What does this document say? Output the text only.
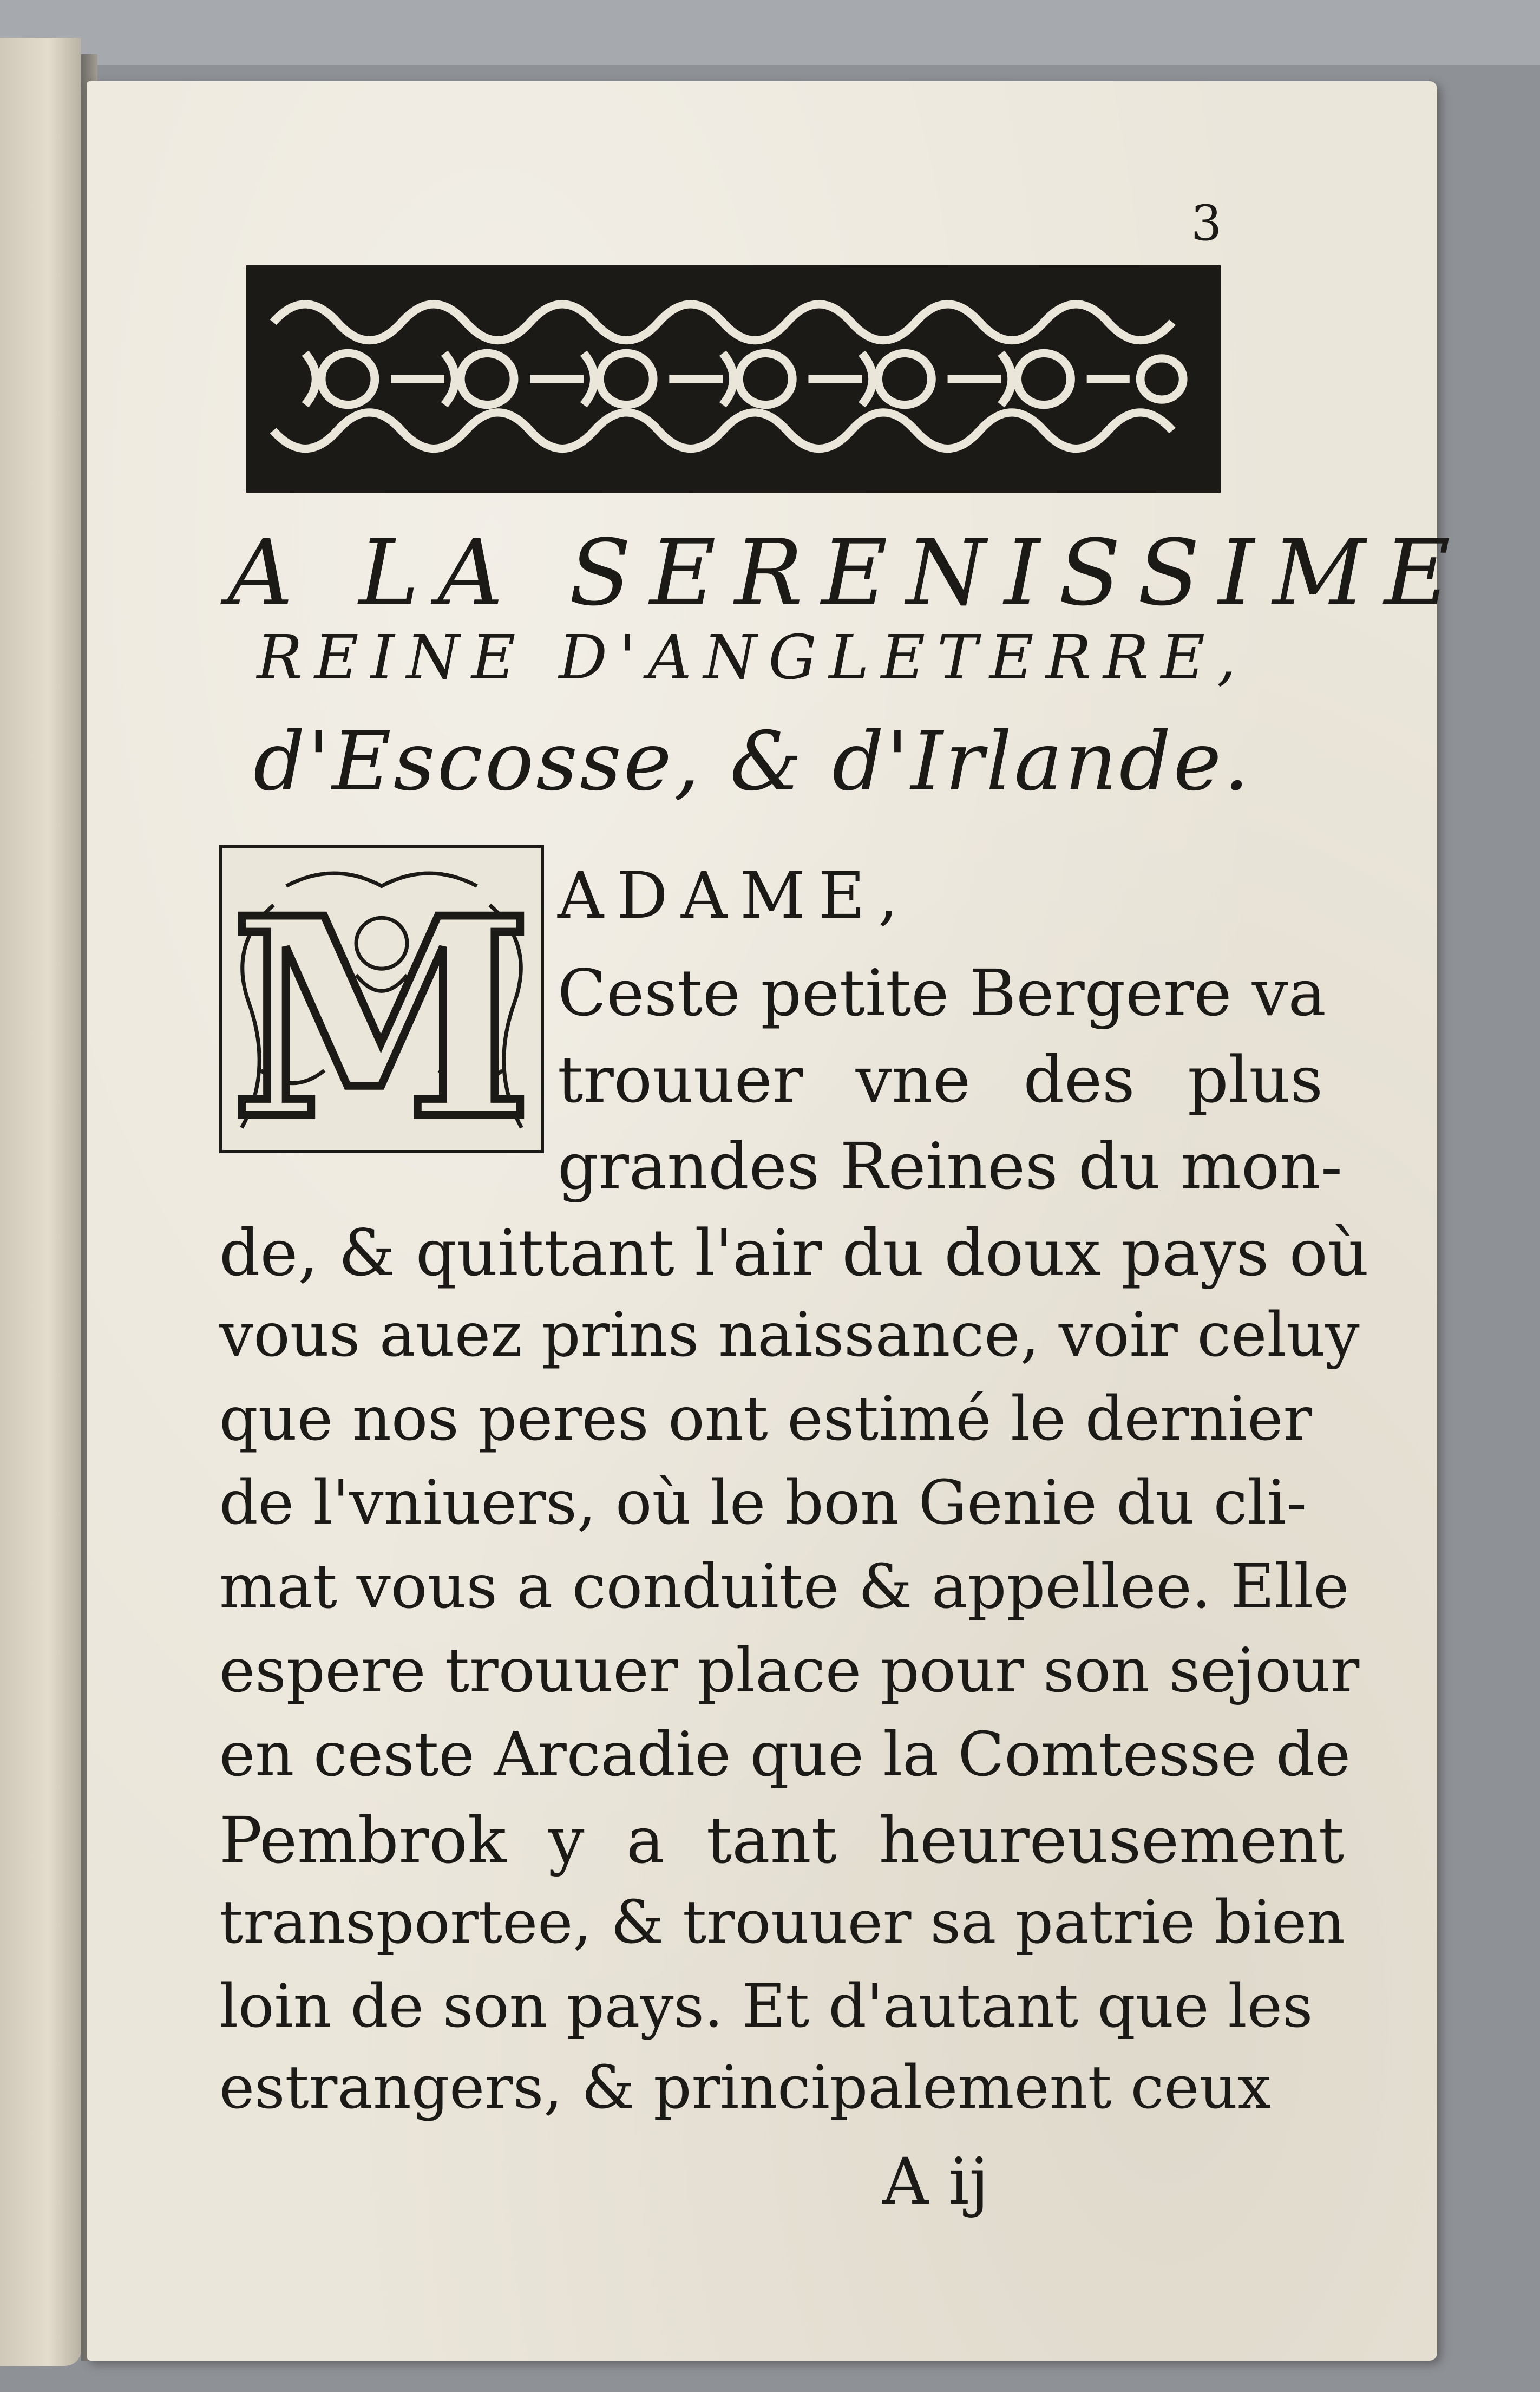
3
A LA SERENISSIME
REINE D'ANGLETERRE,
d'Escosse, & d'Irlande.
M ADAME,
Ceste petite Bergere va
trouuer vne des plus
grandes Reines du mon-
de, & quittant l'air du doux pays où
vous auez prins naissance, voir celuy
que nos peres ont estimé le dernier
de l'vniuers, où le bon Genie du cli-
mat vous a conduite & appellee. Elle
espere trouuer place pour son sejour
en ceste Arcadie que la Comtesse de
Pembrok y a tant heureusement
transportee, & trouuer sa patrie bien
loin de son pays. Et d'autant que les
estrangers, & principalement ceux
A ij
